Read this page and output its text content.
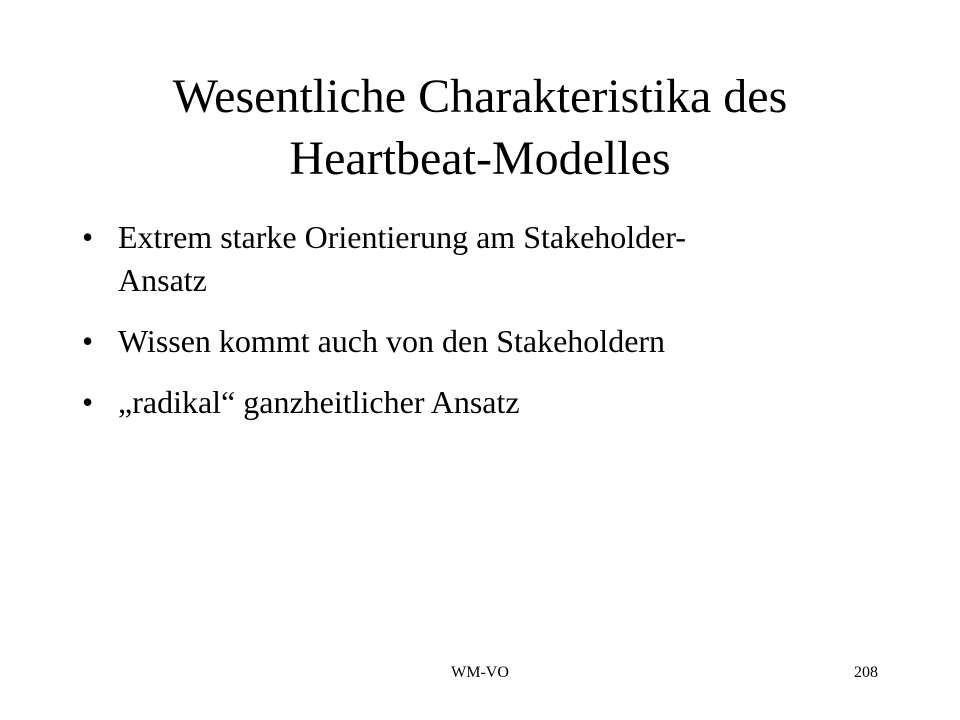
Wesentliche Charakteristika des
Heartbeat-Modelles
• Extrem starke Orientierung am Stakeholder-
Ansatz
• Wissen kommt auch von den Stakeholdern
• „radikal“ ganzheitlicher Ansatz
WM-VO	208
